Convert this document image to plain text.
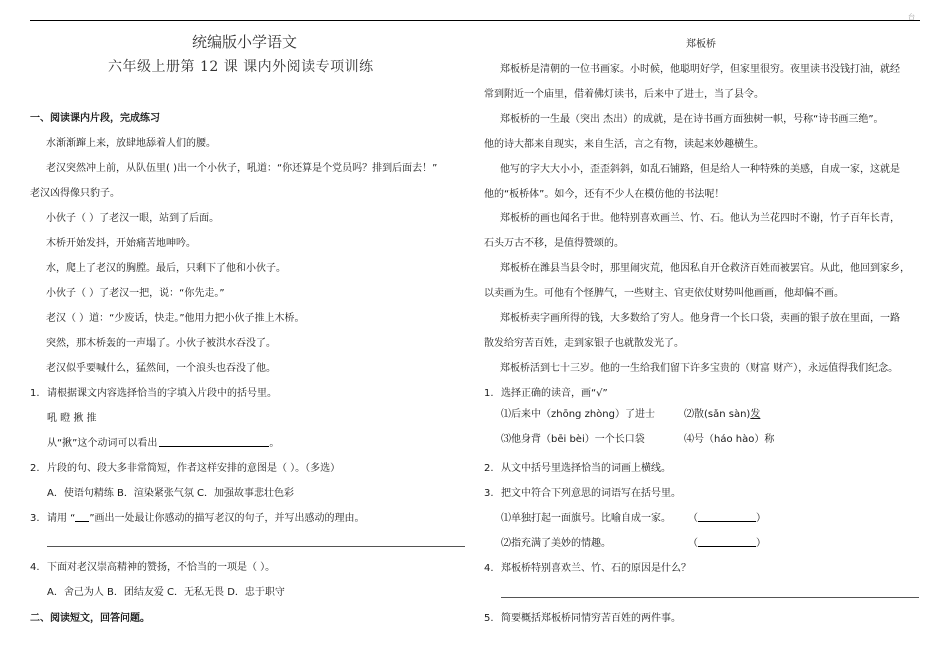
台
统编版小学语文
六年级上册第 12 课 课内外阅读专项训练
一、阅读课内片段，完成练习
水渐渐蹿上来，放肆地舔着人们的腰。
老汉突然冲上前，从队伍里( )出一个小伙子，吼道：“你还算是个党员吗？排到后面去！”
老汉凶得像只豹子。
小伙子（ ）了老汉一眼，站到了后面。
木桥开始发抖，开始痛苦地呻吟。
水，爬上了老汉的胸膛。最后，只剩下了他和小伙子。
小伙子（ ）了老汉一把，说：“你先走。”
老汉（ ）道：“少废话，快走。”他用力把小伙子推上木桥。
突然，那木桥轰的一声塌了。小伙子被洪水吞没了。
老汉似乎要喊什么，猛然间，一个浪头也吞没了他。
1. 请根据课文内容选择恰当的字填入片段中的括号里。
吼 瞪 揪 推
从“揪”这个动词可以看出	。
2. 片段的句、段大多非常简短，作者这样安排的意图是（ ）。（多选）
A．使语句精练 B．渲染紧张气氛 C．加强故事悲壮色彩
3. 请用 “ ”画出一处最让你感动的描写老汉的句子，并写出感动的理由。
4. 下面对老汉崇高精神的赞扬，不恰当的一项是（ ）。
A．舍己为人 B．团结友爱 C．无私无畏 D．忠于职守
二、阅读短文，回答问题。
郑板桥
郑板桥是清朝的一位书画家。小时候，他聪明好学，但家里很穷。夜里读书没钱打油，就经
常到附近一个庙里，借着佛灯读书，后来中了进士，当了县令。
郑板桥的一生最（突出 杰出）的成就，是在诗书画方面独树一帜，号称“诗书画三绝”。
他的诗大都来自现实，来自生活，言之有物，读起来妙趣横生。
他写的字大大小小，歪歪斜斜，如乱石铺路，但是给人一种特殊的美感，自成一家，这就是
他的“板桥体”。如今，还有不少人在模仿他的书法呢！
郑板桥的画也闻名于世。他特别喜欢画兰、竹、石。他认为兰花四时不谢，竹子百年长青，
石头万古不移，是值得赞颂的。
郑板桥在潍县当县令时，那里闹灾荒，他因私自开仓救济百姓而被罢官。从此，他回到家乡，
以卖画为生。可他有个怪脾气，一些财主、官吏依仗财势叫他画画，他却偏不画。
郑板桥卖字画所得的钱，大多数给了穷人。他身背一个长口袋，卖画的银子放在里面，一路
散发给穷苦百姓，走到家银子也就散发光了。
郑板桥活到七十三岁。他的一生给我们留下许多宝贵的（财富 财产），永远值得我们纪念。
1. 选择正确的读音，画“√”
⑴后来中（zhōng zhòng）了进士	⑵散(sǎn sàn)发
⑶他身背（bēi bèi）一个长口袋	⑷号（háo hào）称
2. 从文中括号里选择恰当的词画上横线。
3. 把文中符合下列意思的词语写在括号里。
⑴单独打起一面旗号。比喻自成一家。 （	）
⑵指充满了美妙的情趣。	（	）
4. 郑板桥特别喜欢兰、竹、石的原因是什么？
5. 简要概括郑板桥同情穷苦百姓的两件事。
